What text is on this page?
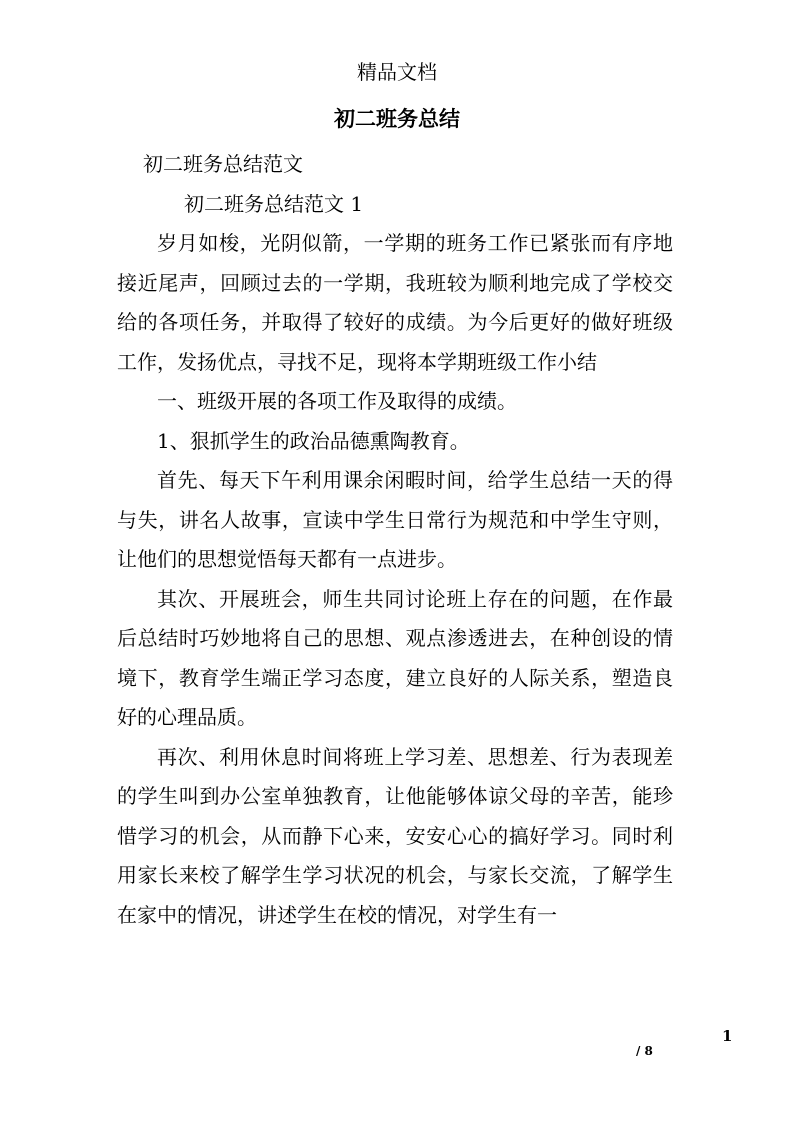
精品文档
初二班务总结

初二班务总结范文

初二班务总结范文 1

岁月如梭，光阴似箭，一学期的班务工作已紧张而有序地接近尾声，回顾过去的一学期，我班较为顺利地完成了学校交给的各项任务，并取得了较好的成绩。为今后更好的做好班级工作，发扬优点，寻找不足，现将本学期班级工作小结

一、班级开展的各项工作及取得的成绩。

1、狠抓学生的政治品德熏陶教育。

首先、每天下午利用课余闲暇时间，给学生总结一天的得与失，讲名人故事，宣读中学生日常行为规范和中学生守则，让他们的思想觉悟每天都有一点进步。

其次、开展班会，师生共同讨论班上存在的问题，在作最后总结时巧妙地将自己的思想、观点渗透进去，在种创设的情境下，教育学生端正学习态度，建立良好的人际关系，塑造良好的心理品质。

再次、利用休息时间将班上学习差、思想差、行为表现差的学生叫到办公室单独教育，让他能够体谅父母的辛苦，能珍惜学习的机会，从而静下心来，安安心心的搞好学习。同时利用家长来校了解学生学习状况的机会，与家长交流，了解学生在家中的情况，讲述学生在校的情况，对学生有一

1
/ 8
